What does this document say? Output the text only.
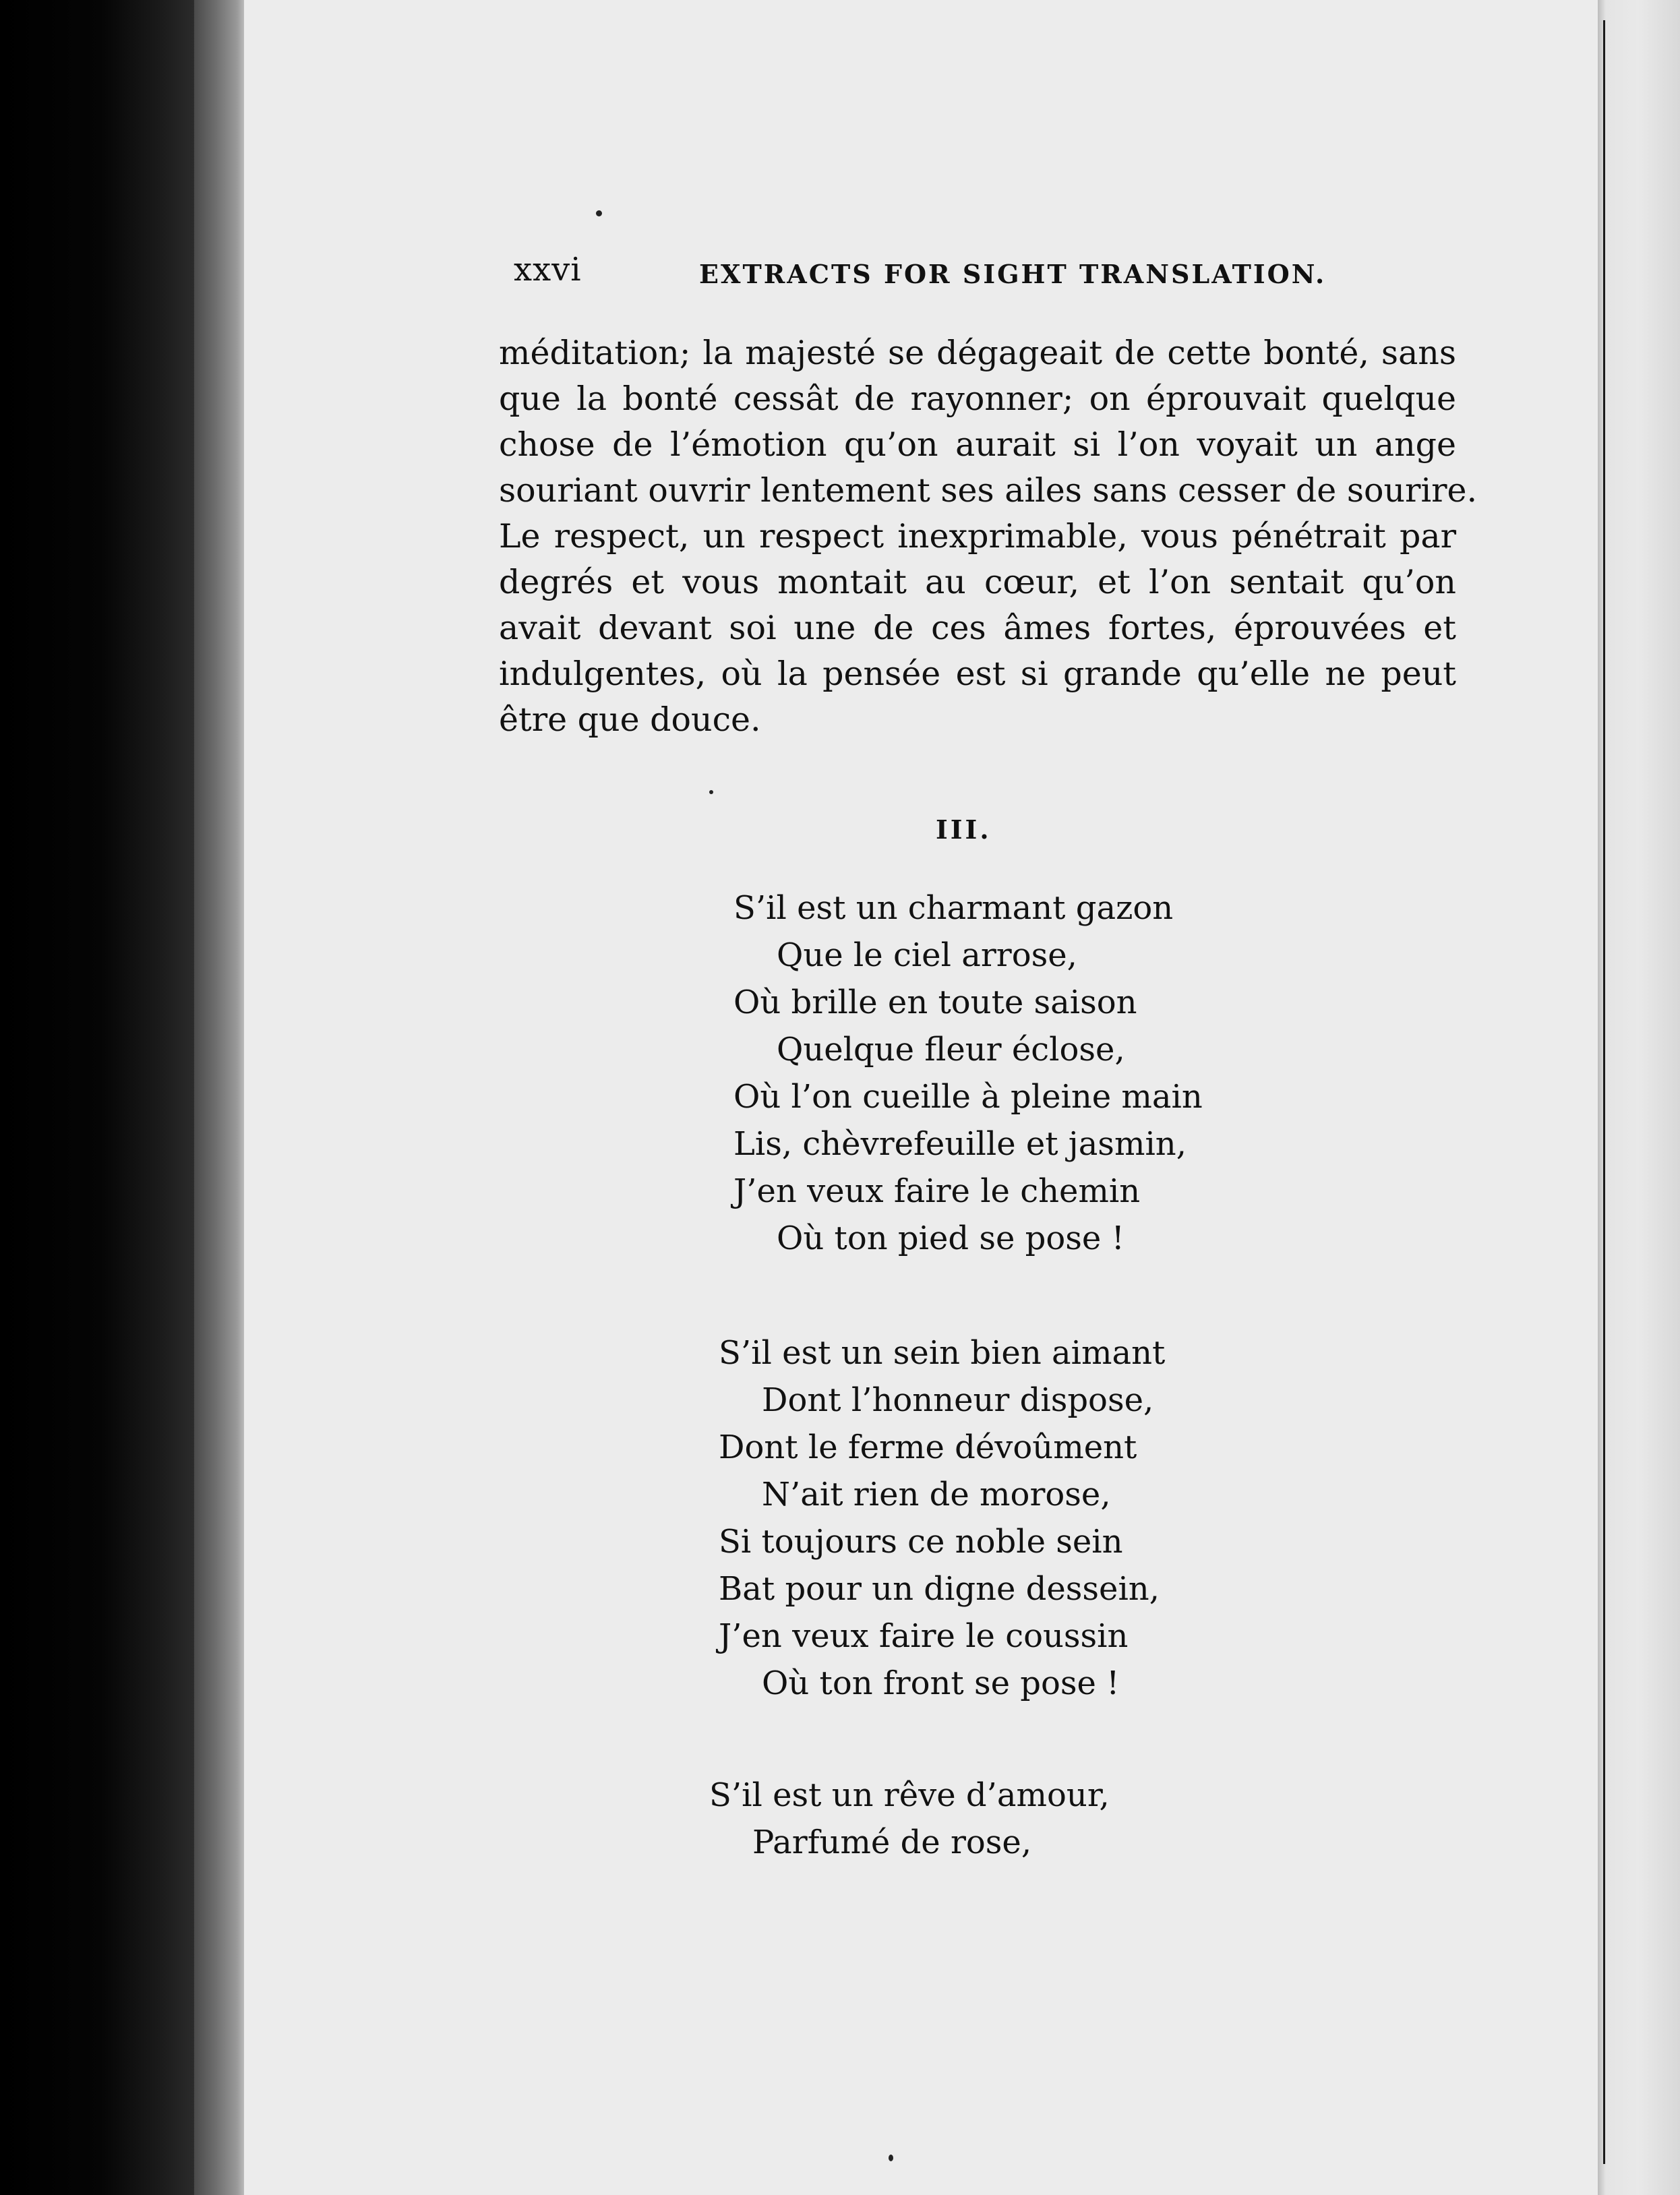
xxvi	EXTRACTS FOR SIGHT TRANSLATION.
méditation; la majesté se dégageait de cette bonté, sans
que la bonté cessât de rayonner; on éprouvait quelque
chose de l’émotion qu’on aurait si l’on voyait un ange
souriant ouvrir lentement ses ailes sans cesser de sourire.
Le respect, un respect inexprimable, vous pénétrait par
degrés et vous montait au cœur, et l’on sentait qu’on
avait devant soi une de ces âmes fortes, éprouvées et
indulgentes, où la pensée est si grande qu’elle ne peut
être que douce.
III.
S’il est un charmant gazon
Que le ciel arrose,
Où brille en toute saison
Quelque fleur éclose,
Où l’on cueille à pleine main
Lis, chèvrefeuille et jasmin,
J’en veux faire le chemin
Où ton pied se pose !
S’il est un sein bien aimant
Dont l’honneur dispose,
Dont le ferme dévoûment
N’ait rien de morose,
Si toujours ce noble sein
Bat pour un digne dessein,
J’en veux faire le coussin
Où ton front se pose !
S’il est un rêve d’amour,
Parfumé de rose,
